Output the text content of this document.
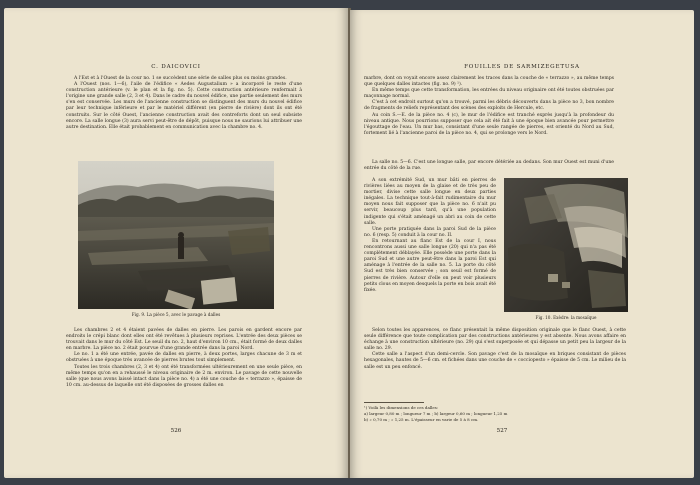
C. DAICOVICI

A l'Est et à l'Ouest de la cour no. 1 se succèdent une série de salles plus ou moins grandes.

A l'Ouest (nos. 1—6), l'aile de l'édifice « Aedes Augustalium » a incorporé le reste d'une construction antérieure (v. le plan et la fig. no. 5). Cette construction antérieure renfermait à l'origine une grande salle (2, 3 et 4). Dans le cadre du nouvel édifice, une partie seulement des murs s'en est conservée. Les murs de l'ancienne construction se distinguent des murs du nouvel édifice par leur technique inférieure et par le matériel différent (en pierre de rivière) dont ils ont été construits. Sur le côté Ouest, l'ancienne construction avait des contreforts dont un seul subsiste encore. La salle longue (3) aura servi peut-être de dépôt, puisque nous ne saurions lui attribuer une autre destination. Elle était probablement en communication avec la chambre no. 4.

Fig. 9. La pièce 5, avec le pavage à dalles

Les chambres 2 et 4 étaient pavées de dalles en pierre. Les parois en gardent encore par endroits le crépi blanc dont elles ont été revêtues à plusieurs reprises. L'entrée des deux pièces se trouvait dans le mur du côté Est. Le seuil du no. 2, haut d'environ 10 cm., était formé de deux dalles en marbre. La pièce no. 2 était pourvue d'une grande entrée dans la paroi Nord.

Le no. 1 a été une entrée, pavée de dalles en pierre, à deux portes, larges chacune de 3 m et obstruées à une époque très avancée de pierres brutes tout simplement.

Toutes les trois chambres (2, 3 et 4) ont été transformées ultérieurement en une seule pièce, en même temps qu'on en a rehaussé le niveau originaire de 2 m. environ. Le pavage de cette nouvelle salle (que nous avons laissé intact dans la pièce no. 4) a été une couche de « terrazzo », épaisse de 10 cm. au-dessus de laquelle ont été disposées de grosses dalles en

526
FOUILLES DE SARMIZEGETUSA

marbre, dont on voyait encore assez clairement les traces dans la couche de « terrazzo », au même temps que quelques dalles intactes (fig. no. 9) ¹).

En même temps que cette transformation, les entrées du niveau originaire ont été toutes obstruées par maçonnage normal.

C'est à cet endroit surtout qu'on a trouvé, parmi les débris découverts dans la pièce no 3, bon nombre de fragments de reliefs représentant des scènes des exploits de Hercule, etc.

Au coin S.—E. de la pièce no. 4 (c), le mur de l'édifice est tranché exprès jusqu'à la profondeur du niveau antique. Nous pourrions supposer que cela ait été fait à une époque bien avancée pour permettre l'égouttage de l'eau. Un mur bas, consistant d'une seule rangée de pierres, est orienté du Nord au Sud, fortement lié à l'ancienne paroi de la pièce no. 4, qui se prolonge vers le Nord.

La salle no. 5—6. C'est une longue salle, par encore détériée au dedans. Son mur Ouest est muni d'une entrée du côté de la rue.

A son extrémité Sud, un mur bâti en pierres de rivières liées au moyen de la glaise et de très peu de mortier, divise cette salle longue en deux parties inégales. La technique tout-à-fait rudimentaire du mur moyen nous fait supposer que la pièce no. 6 n'ait pu servir, beaucoup plus tard, qu'à une population indigente qui s'était aménagé un abri au coin de cette salle.

Une porte pratiquée dans la paroi Sud de la pièce no. 6 (resp. 5) conduit à la cour no. II.

En retournant au flanc Est de la cour I, nous rencontrons aussi une salle longue (20) qui n'a pas été complètement déblayée. Elle possède une porte dans la paroi Sud et une autre peut-être dans la paroi Est qui aménage à l'entrée de la salle no. 5. La porte du côté Sud est très bien conservée ; son seuil est formé de pierres de rivière. Autour d'elle on peut voir plusieurs petits clous en moyen desquels la porte en bois avait été fixée.

Fig. 10. Exèdre: la mosaïque

Selon toutes les apparences, ce flanc présentait la même disposition originale que le flanc Ouest, à cette seule différence que toute complication par des constructions antérieures y est absente. Nous avons affaire en échange à une construction ultérieure (no. 29) qui s'est superposée et qui dépasse un petit peu la largeur de la salle no. 29.

Cette salle a l'aspect d'un demi-cercle. Son pavage c'est de la mosaïque en briques consistant de pièces hexagonales, hautes de 5—6 cm. et fichées dans une couche de « cocciopesto » épaisse de 5 cm. Le milieu de la salle est un peu enfoncé.

¹) Voilà les dimensions de ces dalles:
a) largeur 0,80 m ; longueur 7 m ; b) largeur 0,60 m ; longueur 1,25 m
b) » 0,70 m ; » 1,25 m. L'épaisseur en varie de 5 à 8 cm.
527
